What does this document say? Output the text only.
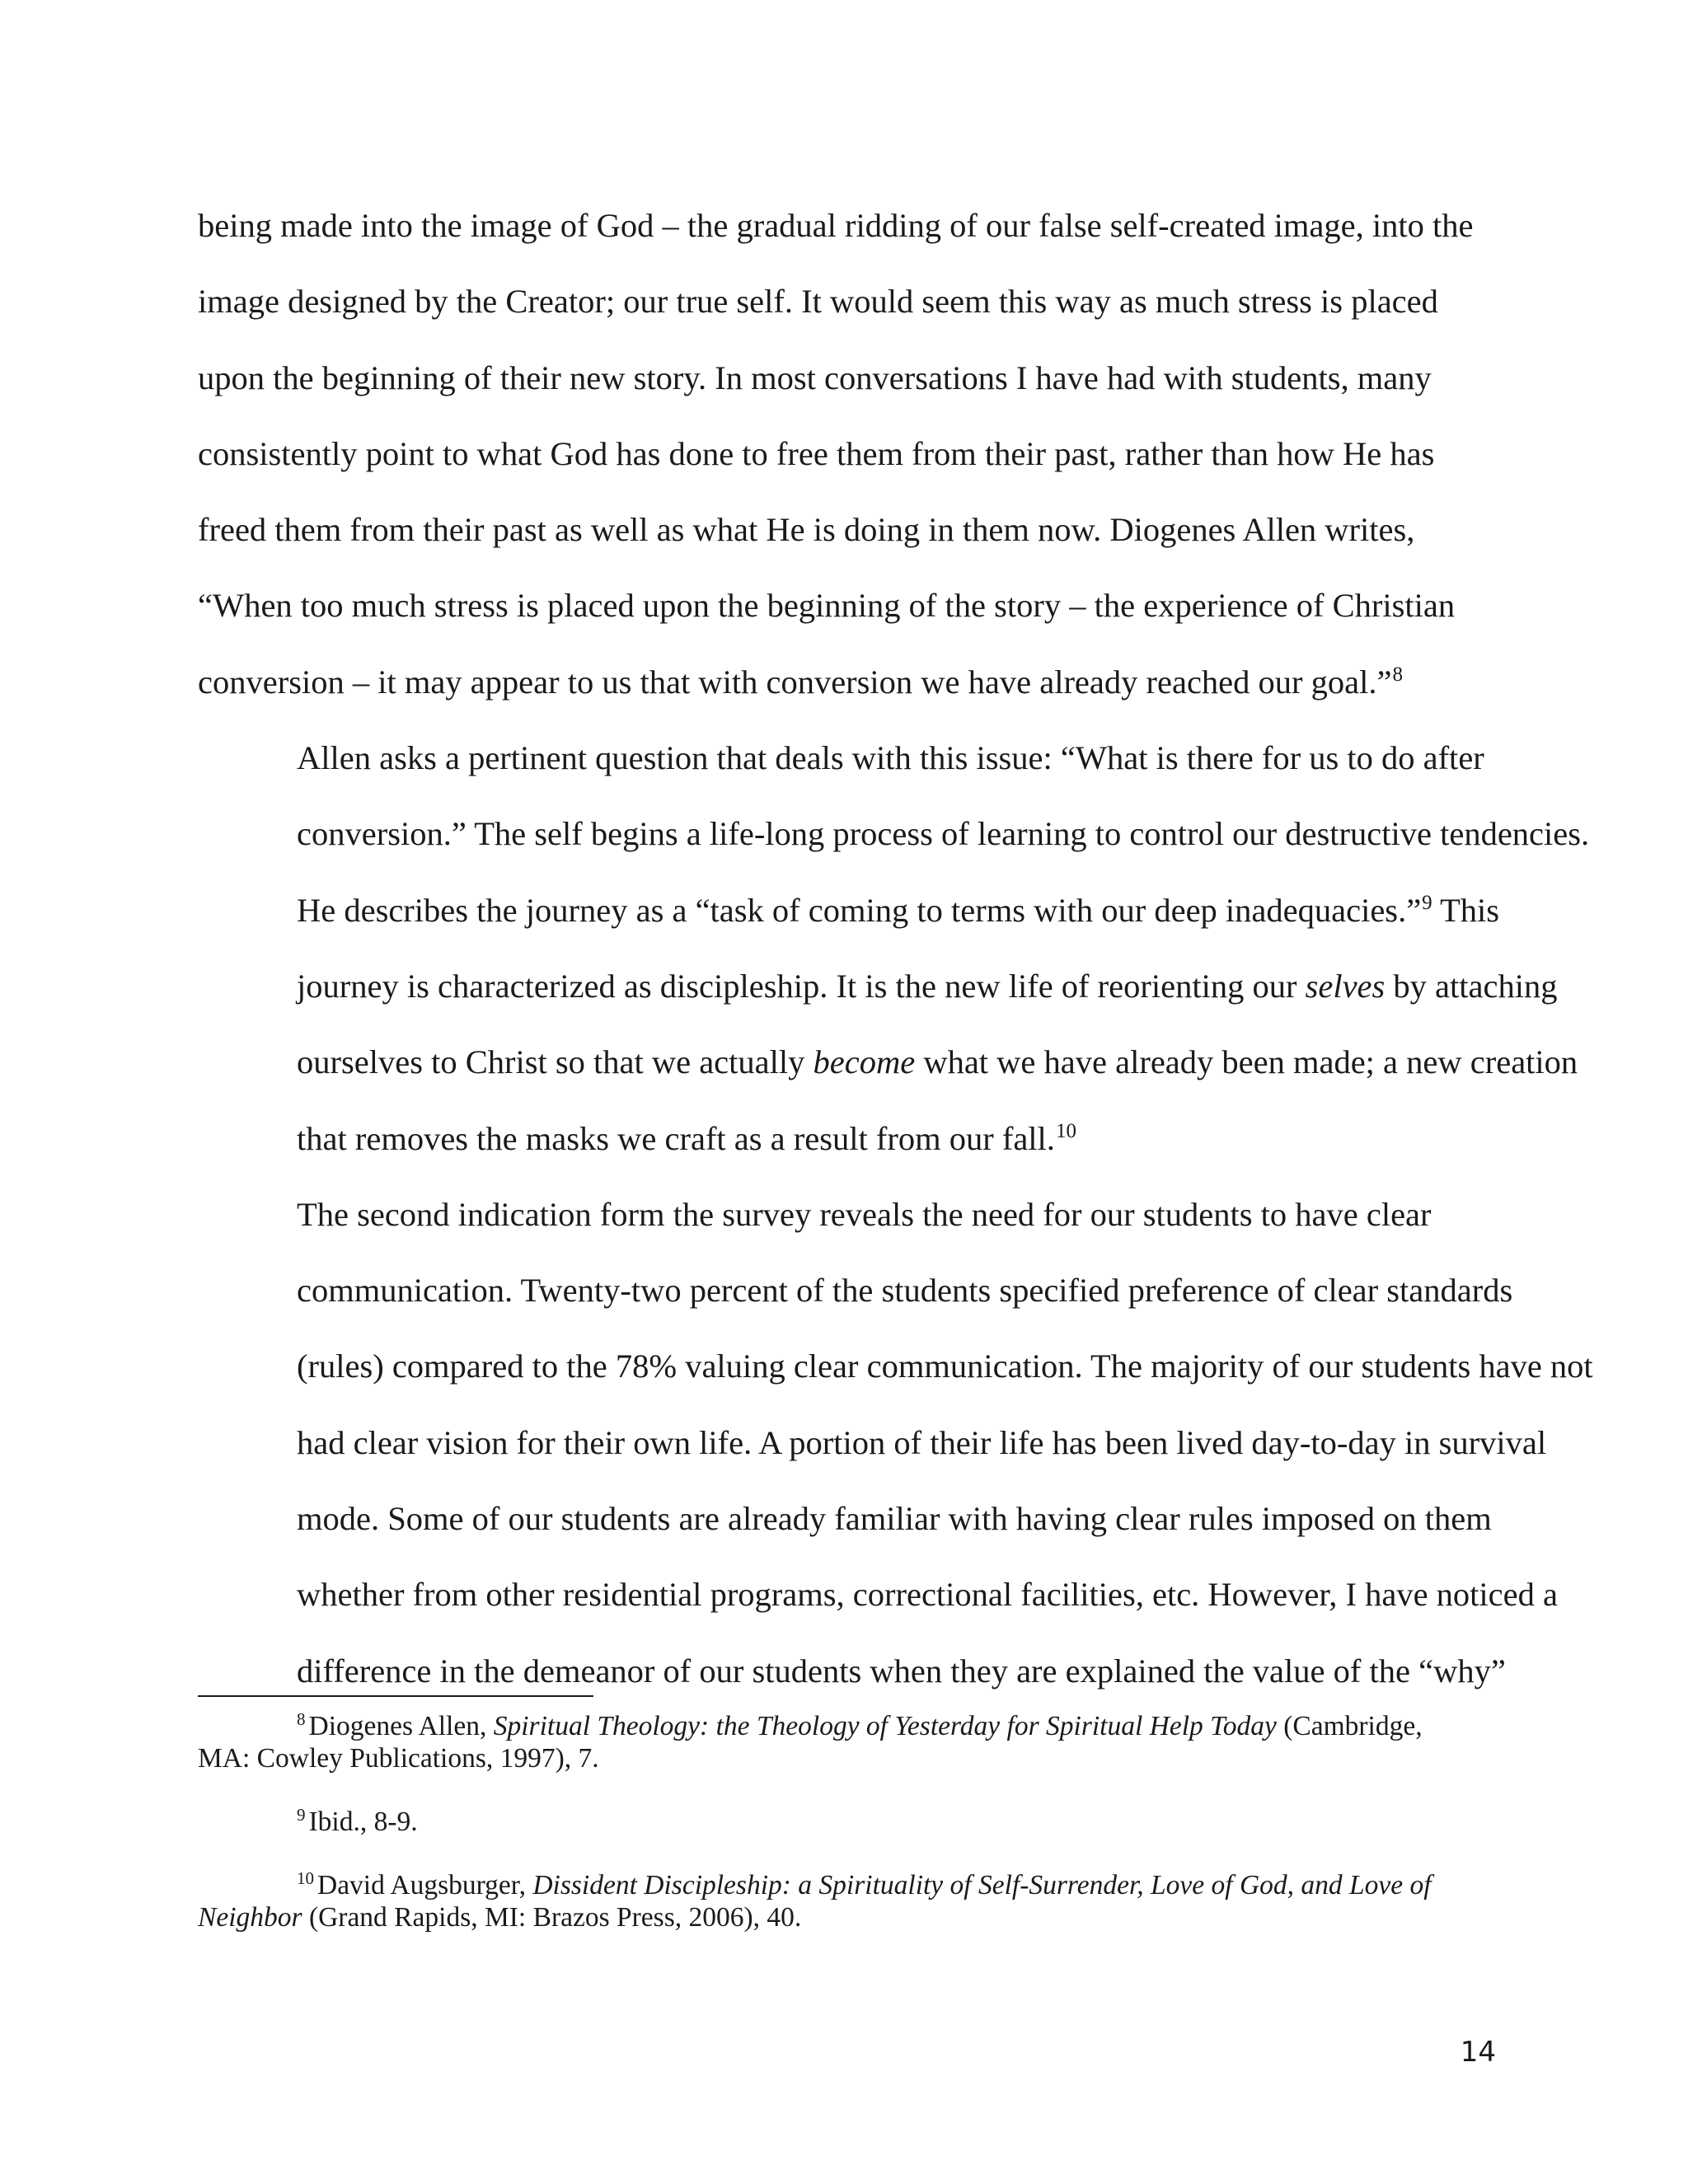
being made into the image of God – the gradual ridding of our false self-created image, into the
image designed by the Creator; our true self. It would seem this way as much stress is placed
upon the beginning of their new story. In most conversations I have had with students, many
consistently point to what God has done to free them from their past, rather than how He has
freed them from their past as well as what He is doing in them now. Diogenes Allen writes,
“When too much stress is placed upon the beginning of the story – the experience of Christian
conversion – it may appear to us that with conversion we have already reached our goal.”$^8$

Allen asks a pertinent question that deals with this issue: “What is there for us to do after
conversion.” The self begins a life-long process of learning to control our destructive tendencies.
He describes the journey as a “task of coming to terms with our deep inadequacies.”$^9$ This
journey is characterized as discipleship. It is the new life of reorienting our selves by attaching
ourselves to Christ so that we actually become what we have already been made; a new creation
that removes the masks we craft as a result from our fall.$^{10}$

The second indication form the survey reveals the need for our students to have clear
communication. Twenty-two percent of the students specified preference of clear standards
(rules) compared to the 78% valuing clear communication. The majority of our students have not
had clear vision for their own life. A portion of their life has been lived day-to-day in survival
mode. Some of our students are already familiar with having clear rules imposed on them
whether from other residential programs, correctional facilities, etc. However, I have noticed a
difference in the demeanor of our students when they are explained the value of the “why”

$^8$ Diogenes Allen, Spiritual Theology: the Theology of Yesterday for Spiritual Help Today (Cambridge,
MA: Cowley Publications, 1997), 7.

$^9$ Ibid., 8-9.

$^{10}$ David Augsburger, Dissident Discipleship: a Spirituality of Self-Surrender, Love of God, and Love of
Neighbor (Grand Rapids, MI: Brazos Press, 2006), 40.

14
